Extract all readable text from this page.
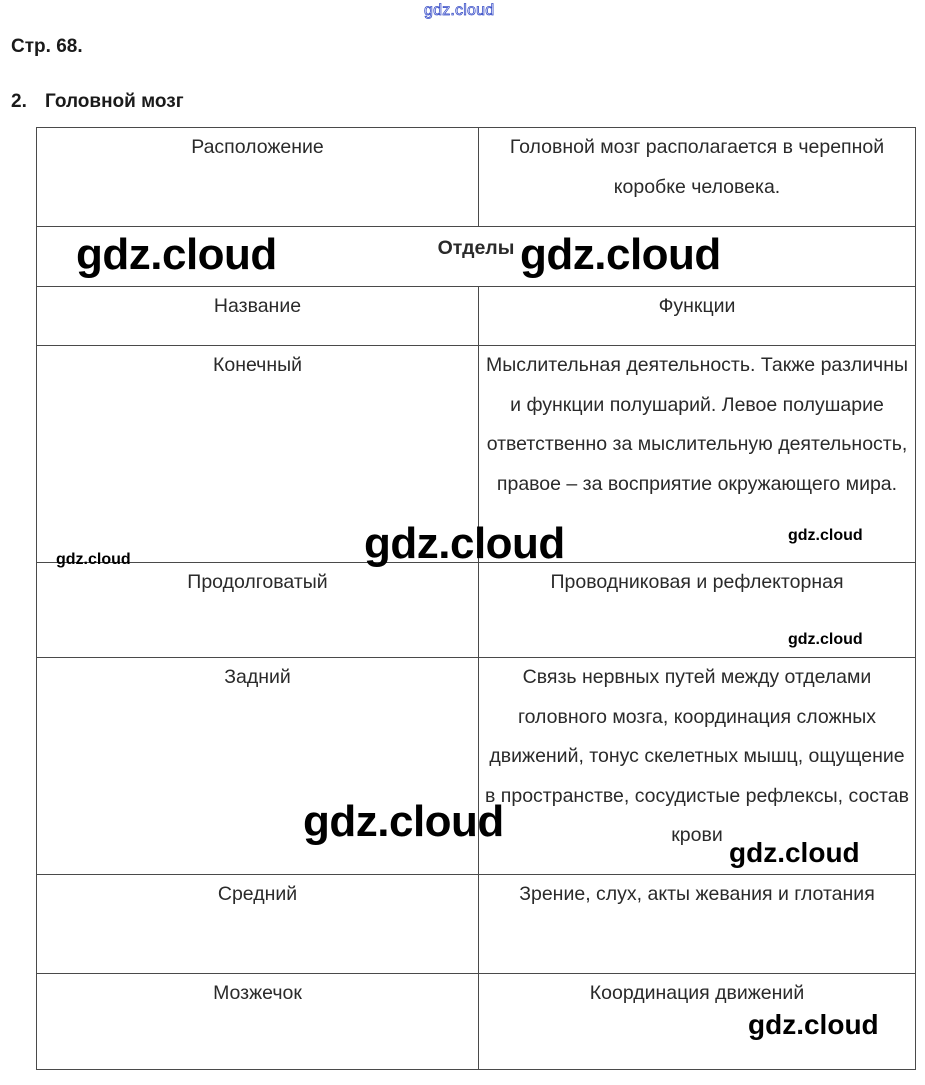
gdz.cloud
Стр. 68.
2. Головной мозг
Расположение	Головной мозг располагается в черепной коробке человека.
Отделы	
Название	Функции
Конечный	Мыслительная деятельность. Также различны и функции полушарий. Левое полушарие ответственно за мыслительную деятельность, правое – за восприятие окружающего мира.
Продолговатый	Проводниковая и рефлекторная
Задний	Связь нервных путей между отделами головного мозга, координация сложных движений, тонус скелетных мышц, ощущение в пространстве, сосудистые рефлексы, состав крови
Средний	Зрение, слух, акты жевания и глотания
Мозжечок	Координация движений
gdz.cloud	gdz.cloud
gdz.cloud
gdz.cloud
gdz.cloud
gdz.cloud
gdz.cloud
gdz.cloud
gdz.cloud
